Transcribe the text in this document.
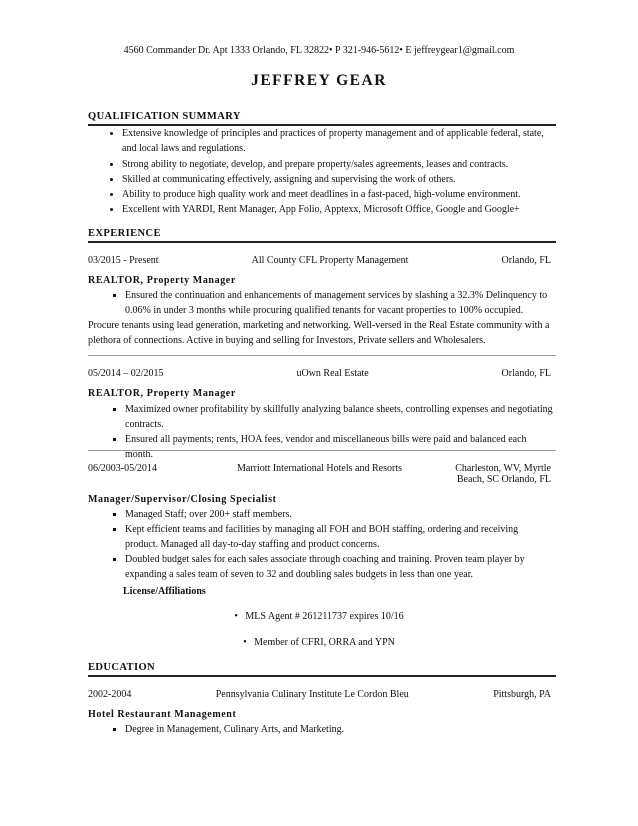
4560 Commander Dr. Apt 1333 Orlando, FL 32822• P 321-946-5612• E jeffreygear1@gmail.com
JEFFREY GEAR
QUALIFICATION SUMMARY
• Extensive knowledge of principles and practices of property management and of applicable federal, state, and local laws and regulations.
• Strong ability to negotiate, develop, and prepare property/sales agreements, leases and contracts.
• Skilled at communicating effectively, assigning and supervising the work of others.
• Ability to produce high quality work and meet deadlines in a fast-paced, high-volume environment.
• Excellent with YARDI, Rent Manager, App Folio, Apptexx, Microsoft Office, Google and Google+
EXPERIENCE
03/2015 - Present	All County CFL Property Management	Orlando, FL
REALTOR, Property Manager
▪ Ensured the continuation and enhancements of management services by slashing a 32.3% Delinquency to 0.06% in under 3 months while procuring qualified tenants for vacant properties to 100% occupied.
Procure tenants using lead generation, marketing and networking. Well-versed in the Real Estate community with a plethora of connections. Active in buying and selling for Investors, Private sellers and Wholesalers.
05/2014 – 02/2015	uOwn Real Estate	Orlando, FL
REALTOR, Property Manager
▪ Maximized owner profitability by skillfully analyzing balance sheets, controlling expenses and negotiating contracts.
▪ Ensured all payments; rents, HOA fees, vendor and miscellaneous bills were paid and balanced each month.
06/2003-05/2014	Marriott International Hotels and Resorts	Charleston, WV, Myrtle
Beach, SC Orlando, FL
Manager/Supervisor/Closing Specialist
▪ Managed Staff; over 200+ staff members.
▪ Kept efficient teams and facilities by managing all FOH and BOH staffing, ordering and receiving product. Managed all day-to-day staffing and product concerns.
▪ Doubled budget sales for each sales associate through coaching and training. Proven team player by expanding a sales team of seven to 32 and doubling sales budgets in less than one year.
License/Affiliations
• MLS Agent # 261211737 expires 10/16
• Member of CFRI, ORRA and YPN
EDUCATION
2002-2004	Pennsylvania Culinary Institute Le Cordon Bleu	Pittsburgh, PA
Hotel Restaurant Management
▪ Degree in Management, Culinary Arts, and Marketing.
